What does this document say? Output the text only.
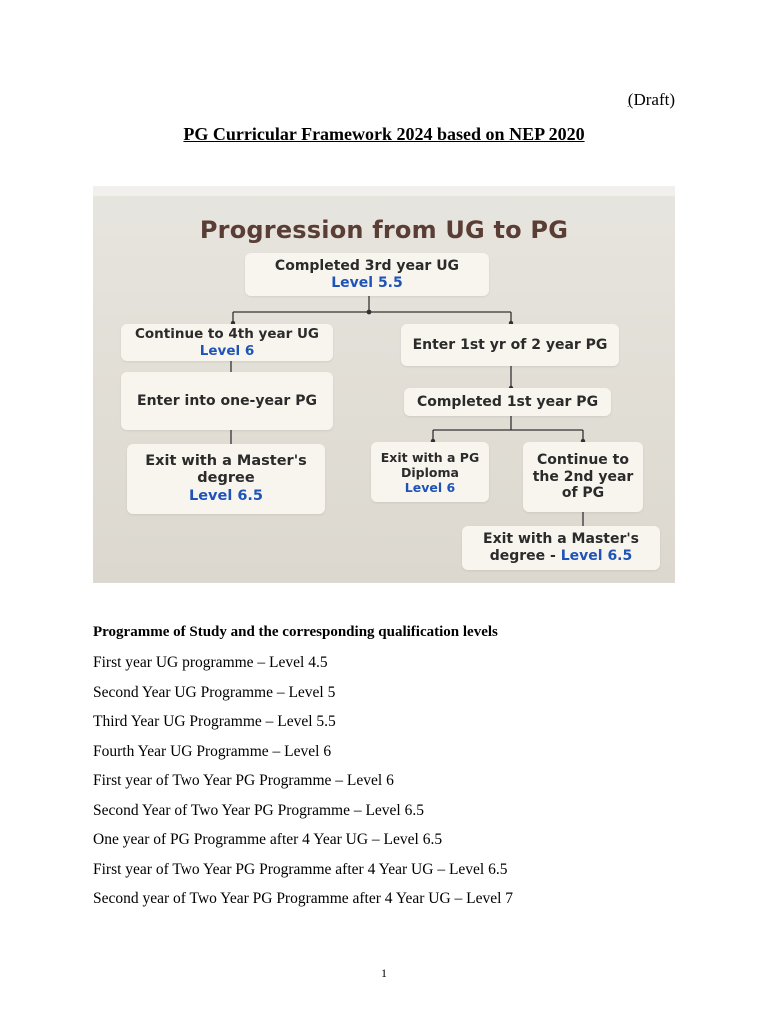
(Draft)
PG Curricular Framework 2024 based on NEP 2020
Progression from UG to PG
Completed 3rd year UG
Level 5.5
Continue to 4th year UG
Level 6	Enter 1st yr of 2 year PG
Enter into one-year PG	Completed 1st year PG
Exit with a Master's
degree
Level 6.5
Exit with a PG
Diploma
Level 6
Continue to
the 2nd year
of PG
Exit with a Master's
degree - Level 6.5
Programme of Study and the corresponding qualification levels
First year UG programme – Level 4.5
Second Year UG Programme – Level 5
Third Year UG Programme – Level 5.5
Fourth Year UG Programme – Level 6
First year of Two Year PG Programme – Level 6
Second Year of Two Year PG Programme – Level 6.5
One year of PG Programme after 4 Year UG – Level 6.5
First year of Two Year PG Programme after 4 Year UG – Level 6.5
Second year of Two Year PG Programme after 4 Year UG – Level 7
1
